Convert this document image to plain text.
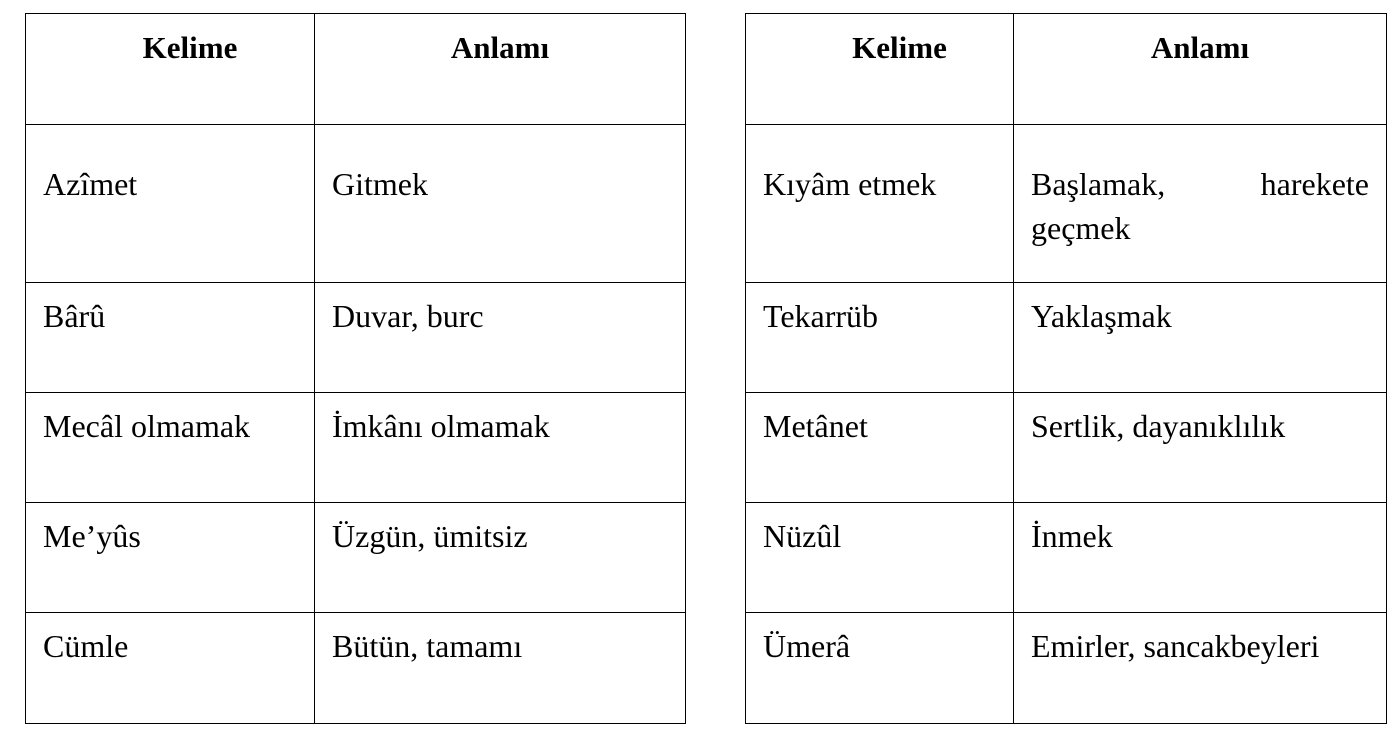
Kelime	Anlamı

Azîmet	Gitmek

Bârû	Duvar, burc

Mecâl olmamak	İmkânı olmamak

Me’yûs	Üzgün, ümitsiz

Cümle	Bütün, tamamı
Kelime	Anlamı

Kıyâm etmek	Başlamak, harekete geçmek

Tekarrüb	Yaklaşmak

Metânet	Sertlik, dayanıklılık

Nüzûl	İnmek

Ümerâ	Emirler, sancakbeyleri
